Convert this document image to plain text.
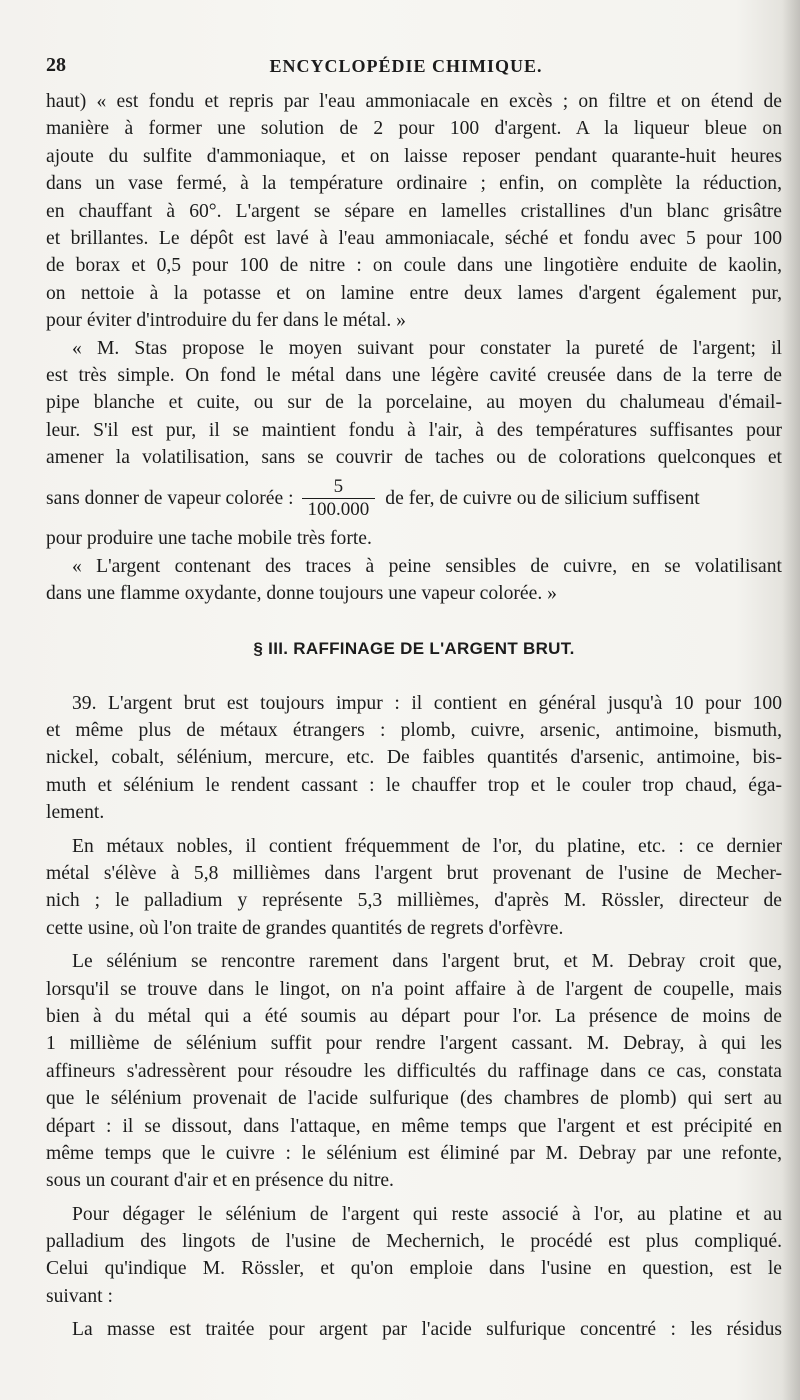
28	ENCYCLOPÉDIE CHIMIQUE.
haut) « est fondu et repris par l'eau ammoniacale en excès ; on filtre et on étend de
manière à former une solution de 2 pour 100 d'argent. A la liqueur bleue on
ajoute du sulfite d'ammoniaque, et on laisse reposer pendant quarante-huit heures
dans un vase fermé, à la température ordinaire ; enfin, on complète la réduction,
en chauffant à 60°. L'argent se sépare en lamelles cristallines d'un blanc grisâtre
et brillantes. Le dépôt est lavé à l'eau ammoniacale, séché et fondu avec 5 pour 100
de borax et 0,5 pour 100 de nitre : on coule dans une lingotière enduite de kaolin,
on nettoie à la potasse et on lamine entre deux lames d'argent également pur,
pour éviter d'introduire du fer dans le métal. »
« M. Stas propose le moyen suivant pour constater la pureté de l'argent; il
est très simple. On fond le métal dans une légère cavité creusée dans de la terre de
pipe blanche et cuite, ou sur de la porcelaine, au moyen du chalumeau d'émail-
leur. S'il est pur, il se maintient fondu à l'air, à des températures suffisantes pour
amener la volatilisation, sans se couvrir de taches ou de colorations quelconques et
sans donner de vapeur colorée : $\frac{5}{100.000}$ de fer, de cuivre ou de silicium suffisent
pour produire une tache mobile très forte.
« L'argent contenant des traces à peine sensibles de cuivre, en se volatilisant
dans une flamme oxydante, donne toujours une vapeur colorée. »
§ III. RAFFINAGE DE L'ARGENT BRUT.
39. L'argent brut est toujours impur : il contient en général jusqu'à 10 pour 100
et même plus de métaux étrangers : plomb, cuivre, arsenic, antimoine, bismuth,
nickel, cobalt, sélénium, mercure, etc. De faibles quantités d'arsenic, antimoine, bis-
muth et sélénium le rendent cassant : le chauffer trop et le couler trop chaud, éga-
lement.
En métaux nobles, il contient fréquemment de l'or, du platine, etc. : ce dernier
métal s'élève à 5,8 millièmes dans l'argent brut provenant de l'usine de Mecher-
nich ; le palladium y représente 5,3 millièmes, d'après M. Rössler, directeur de
cette usine, où l'on traite de grandes quantités de regrets d'orfèvre.
Le sélénium se rencontre rarement dans l'argent brut, et M. Debray croit que,
lorsqu'il se trouve dans le lingot, on n'a point affaire à de l'argent de coupelle, mais
bien à du métal qui a été soumis au départ pour l'or. La présence de moins de
1 millième de sélénium suffit pour rendre l'argent cassant. M. Debray, à qui les
affineurs s'adressèrent pour résoudre les difficultés du raffinage dans ce cas, constata
que le sélénium provenait de l'acide sulfurique (des chambres de plomb) qui sert au
départ : il se dissout, dans l'attaque, en même temps que l'argent et est précipité en
même temps que le cuivre : le sélénium est éliminé par M. Debray par une refonte,
sous un courant d'air et en présence du nitre.
Pour dégager le sélénium de l'argent qui reste associé à l'or, au platine et au
palladium des lingots de l'usine de Mechernich, le procédé est plus compliqué.
Celui qu'indique M. Rössler, et qu'on emploie dans l'usine en question, est le
suivant :
La masse est traitée pour argent par l'acide sulfurique concentré : les résidus
